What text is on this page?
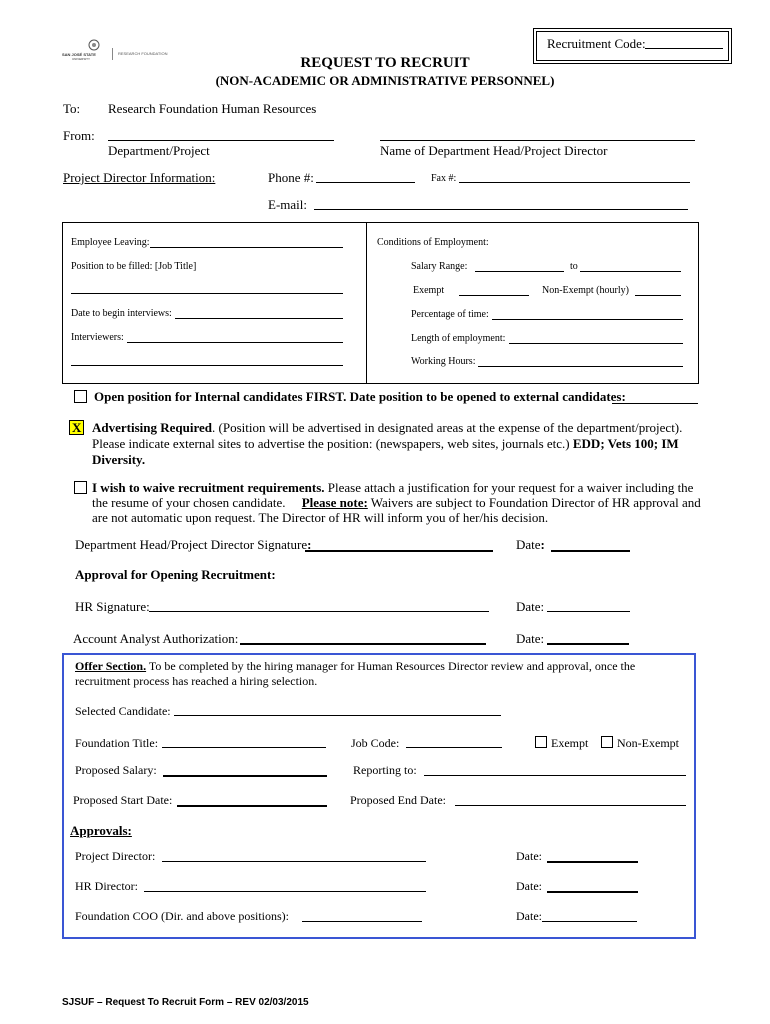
Recruitment Code:
SAN JOSÉ STATE
UNIVERSITY
RESEARCH FOUNDATION
REQUEST TO RECRUIT
(NON-ACADEMIC OR ADMINISTRATIVE PERSONNEL)
To: Research Foundation Human Resources
From:
Department/Project	Name of Department Head/Project Director
Project Director Information:	Phone #:	Fax #:
E-mail:
Employee Leaving:
Position to be filled: [Job Title]
Date to begin interviews:
Interviewers:
Conditions of Employment:
Salary Range:	to
Exempt	Non-Exempt (hourly)
Percentage of time:
Length of employment:
Working Hours:
Open position for Internal candidates FIRST. Date position to be opened to external candidates:
X Advertising Required. (Position will be advertised in designated areas at the expense of the department/project).
Please indicate external sites to advertise the position: (newspapers, web sites, journals etc.) EDD; Vets 100; IM
Diversity.
I wish to waive recruitment requirements. Please attach a justification for your request for a waiver including the
the resume of your chosen candidate. Please note: Waivers are subject to Foundation Director of HR approval and
are not automatic upon request. The Director of HR will inform you of her/his decision.
Department Head/Project Director Signature:	Date:
Approval for Opening Recruitment:
HR Signature:	Date:
Account Analyst Authorization:	Date:
Offer Section. To be completed by the hiring manager for Human Resources Director review and approval, once the
recruitment process has reached a hiring selection.
Selected Candidate:
Foundation Title:	Job Code:	Exempt Non-Exempt
Proposed Salary:	Reporting to:
Proposed Start Date:	Proposed End Date:
Approvals:
Project Director:	Date:
HR Director:	Date:
Foundation COO (Dir. and above positions):	Date:
SJSUF – Request To Recruit Form – REV 02/03/2015
